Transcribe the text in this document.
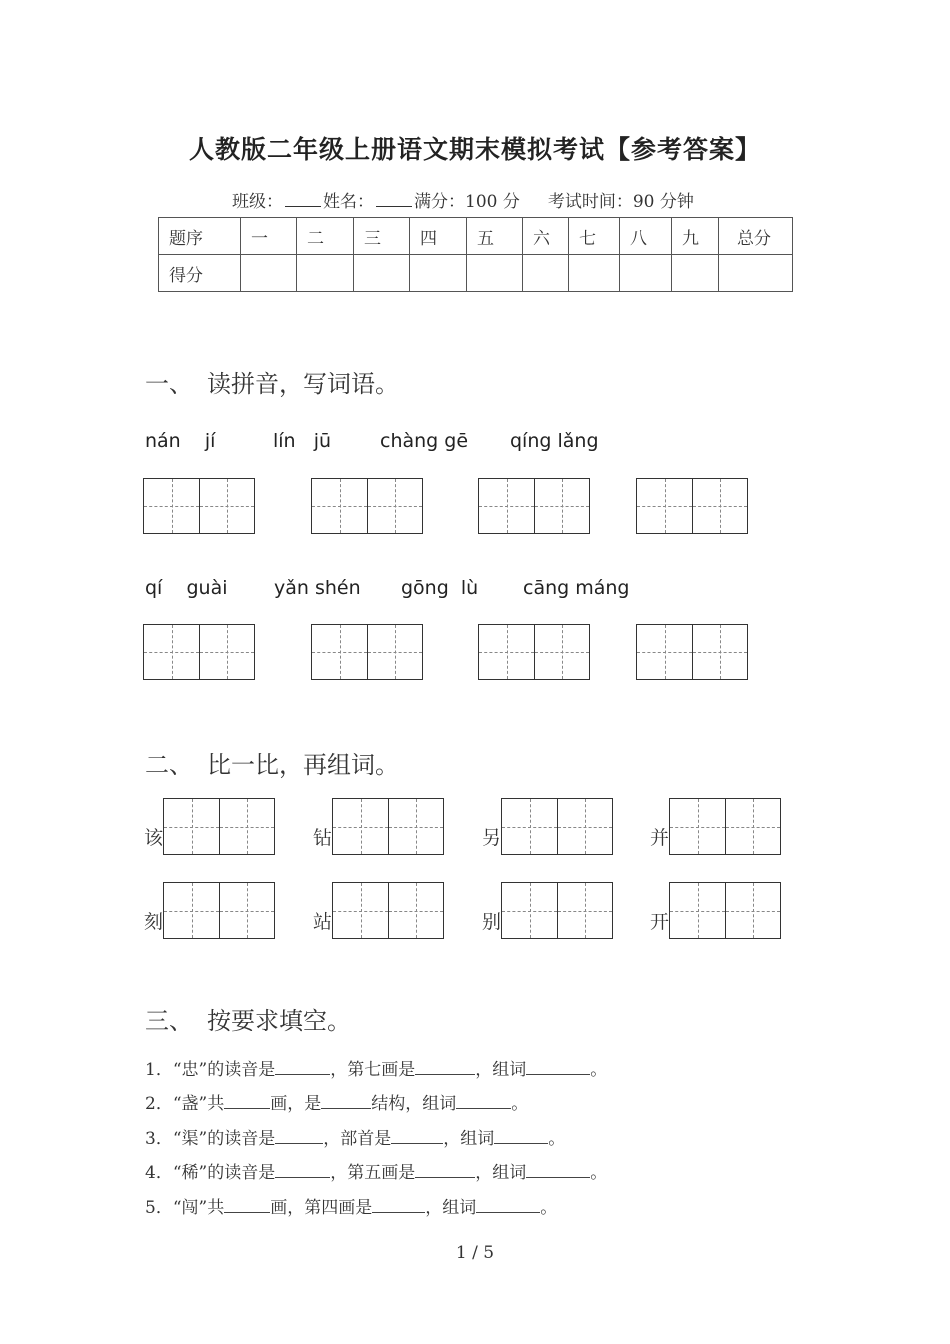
人教版二年级上册语文期末模拟考试【参考答案】
班级： 姓名： 满分：100 分 考试时间：90 分钟
题序	一	二	三	四	五	六	七	八	九	总分
得分										
一、 读拼音，写词语。
nán    jí	lín   jū	chàng gē qíng lǎng
qí    guài yǎn shén gōng  lù cāng máng
二、 比一比，再组词。
该	钻	另	并
刻	站	别	开
三、 按要求填空。
1．“忠”的读音是	，第七画是	，组词	。
2．“盏”共	画，是	结构，组词	。
3．“渠”的读音是	，部首是	，组词	。
4．“稀”的读音是	，第五画是	，组词	。
5．“闯”共	画，第四画是	，组词	。
1 / 5
